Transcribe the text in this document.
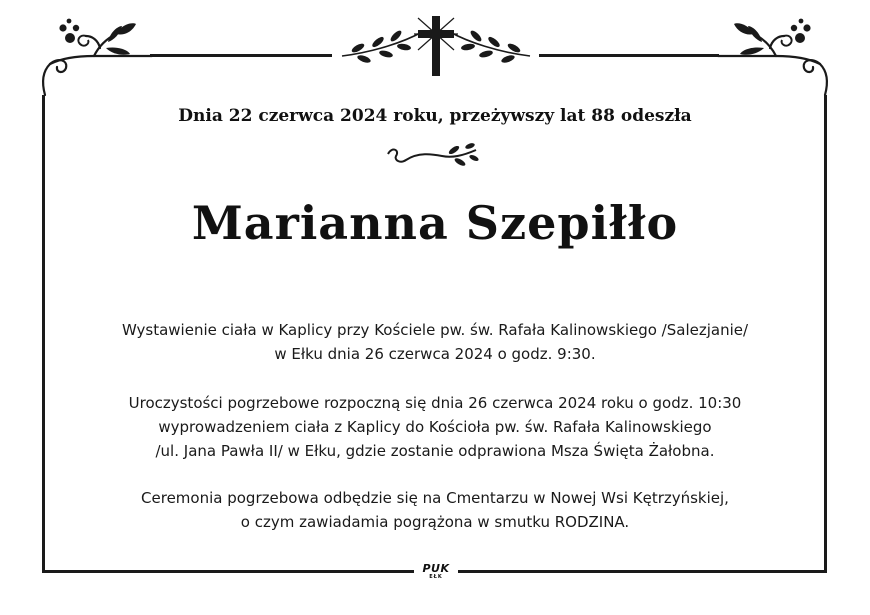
Dnia 22 czerwca 2024 roku, przeżywszy lat 88 odeszła
Marianna Szepiłło
Wystawienie ciała w Kaplicy przy Kościele pw. św. Rafała Kalinowskiego /Salezjanie/
w Ełku dnia 26 czerwca 2024 o godz. 9:30.
Uroczystości pogrzebowe rozpoczną się dnia 26 czerwca 2024 roku o godz. 10:30
wyprowadzeniem ciała z Kaplicy do Kościoła pw. św. Rafała Kalinowskiego
/ul. Jana Pawła II/ w Ełku, gdzie zostanie odprawiona Msza Święta Żałobna.
Ceremonia pogrzebowa odbędzie się na Cmentarzu w Nowej Wsi Kętrzyńskiej,
o czym zawiadamia pogrążona w smutku RODZINA.
PUK
EŁK
